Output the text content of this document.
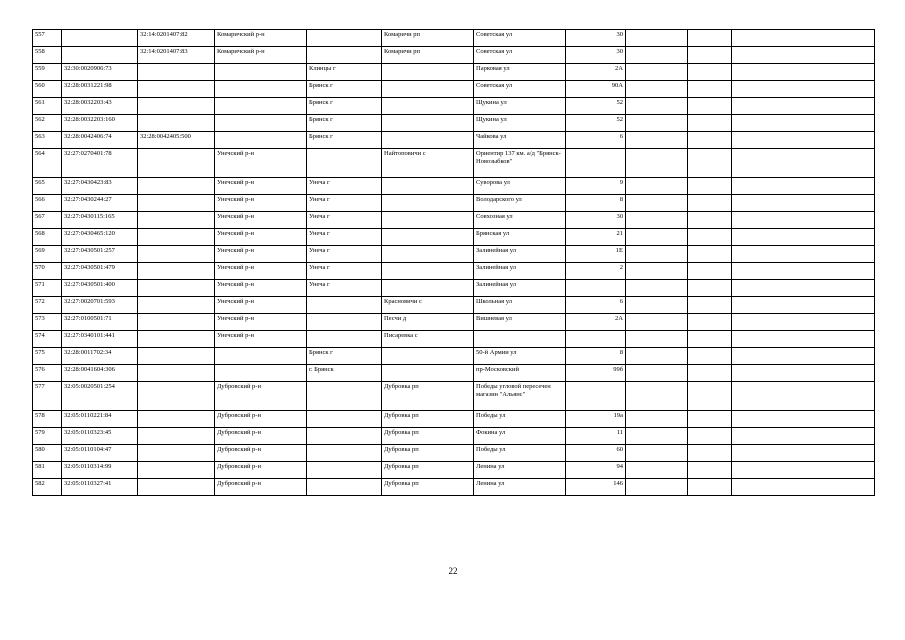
557		32:14:0201407:82	Комаричский р-н		Комаричи рп	Советская ул	30			
558		32:14:0201407:83	Комаричский р-н		Комаричи рп	Советская ул	30			
559	32:30:0020906:73			Клинцы г		Парковая ул	2А			
560	32:28:0031221:98			Брянск г		Советская ул	90А			
561	32:28:0032203:43			Брянск г		Щукина ул	52			
562	32:28:0032203:160			Брянск г		Щукина ул	52			
563	32:28:0042406:74	32:28:0042405:500		Брянск г		Чайкова ул	6			
564	32:27:0270401:78		Унечский р-н		Найтоповичи с	Ориентир 137 км. а/д "Брянск-Новозыбков"				
565	32:27:0430423:83		Унечский р-н	Унеча г		Суворова ул	9			
566	32:27:0430244:27		Унечский р-н	Унеча г		Володарского ул	8			
567	32:27:0430115:165		Унечский р-н	Унеча г		Совхозная ул	30			
568	32:27:0430465:120		Унечский р-н	Унеча г		Брянская ул	21			
569	32:27:0430501:257		Унечский р-н	Унеча г		Залинейная ул	1Е			
570	32:27:0430501:479		Унечский р-н	Унеча г		Залинейная ул	2			
571	32:27:0430501:400		Унечский р-н	Унеча г		Залинейная ул				
572	32:27:0020701:593		Унечский р-н		Красновичи с	Школьная ул	6			
573	32:27:0100501:71		Унечский р-н		Песчи д	Вишневая ул	2А			
574	32:27:0340101:441		Унечский р-н		Писаревка с					
575	32:28:0011702:34			Брянск г		50-й Армии ул	8			
576	32:28:0041604:306			г. Брянск		пр-Московский	99б			
577	32:05:0020501:254		Дубровский р-н		Дубровка рп	Победы угловой пересечен магазин "Альянс"				
578	32:05:0110221:84		Дубровский р-н		Дубровка рп	Победы ул	19а			
579	32:05:0110323:45		Дубровский р-н		Дубровка рп	Фокина ул	11			
580	32:05:0110104:47		Дубровский р-н		Дубровка рп	Победы ул	60			
581	32:05:0110314:99		Дубровский р-н		Дубровка рп	Ленина ул	94			
582	32:05:0110327:41		Дубровский р-н		Дубровка рп	Ленина ул	146			
22
